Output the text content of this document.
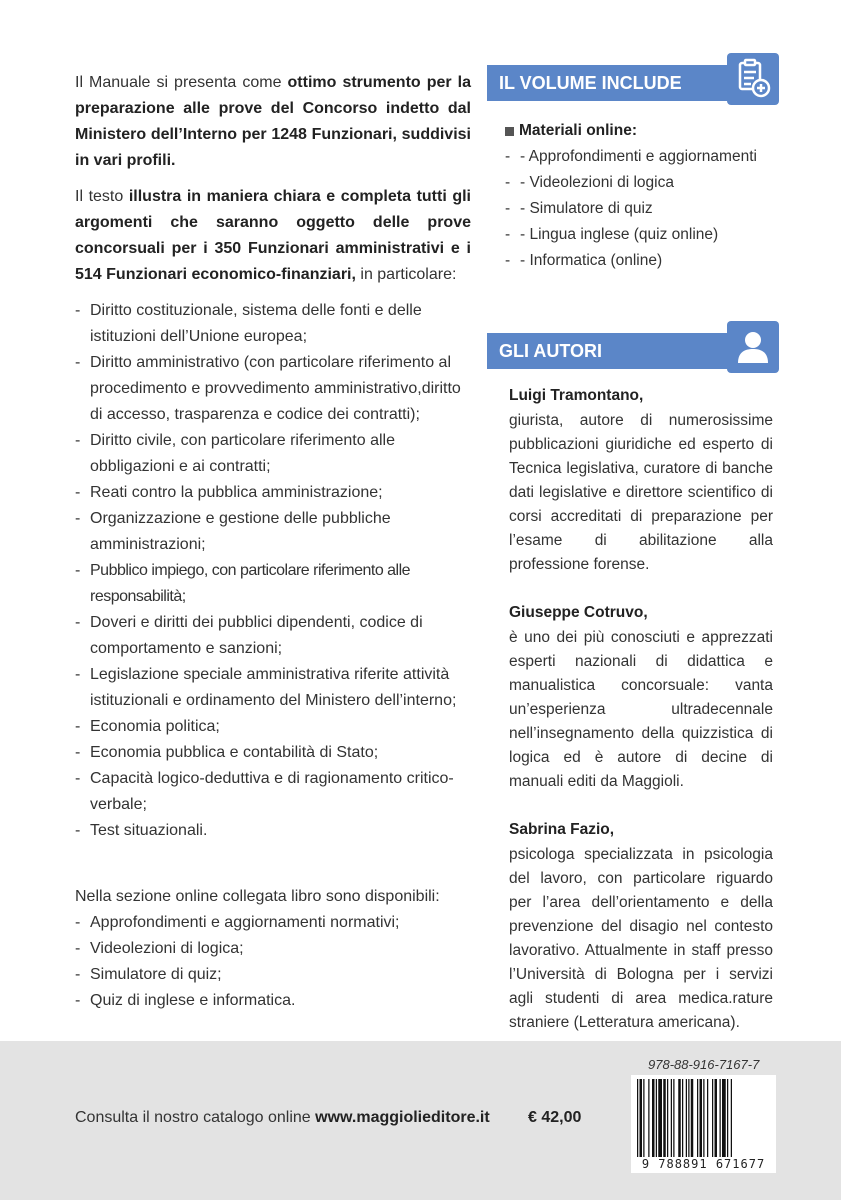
Il Manuale si presenta come ottimo strumento per la preparazione alle prove del Concorso indetto dal Ministero dell’Interno per 1248 Funzionari, suddivisi in vari profili.

Il testo illustra in maniera chiara e completa tutti gli argomenti che saranno oggetto delle prove concorsuali per i 350 Funzionari amministrativi e i 514 Funzionari economico-finanziari, in particolare:

- Diritto costituzionale, sistema delle fonti e delle istituzioni dell’Unione europea;
- Diritto amministrativo (con particolare riferimento al procedimento e provvedimento amministrativo,diritto di accesso, trasparenza e codice dei contratti);
- Diritto civile, con particolare riferimento alle obbligazioni e ai contratti;
- Reati contro la pubblica amministrazione;
- Organizzazione e gestione delle pubbliche amministrazioni;
- Pubblico impiego, con particolare riferimento alle responsabilità;
- Doveri e diritti dei pubblici dipendenti, codice di comportamento e sanzioni;
- Legislazione speciale amministrativa riferite attività istituzionali e ordinamento del Ministero dell’interno;
- Economia politica;
- Economia pubblica e contabilità di Stato;
- Capacità logico-deduttiva e di ragionamento critico-verbale;
- Test situazionali.
Nella sezione online collegata libro sono disponibili:
- Approfondimenti e aggiornamenti normativi;
- Videolezioni di logica;
- Simulatore di quiz;
- Quiz di inglese e informatica.
IL VOLUME INCLUDE
Materiali online:
- - Approfondimenti e aggiornamenti
- - Videolezioni di logica
- - Simulatore di quiz
- - Lingua inglese (quiz online)
- - Informatica (online)
GLI AUTORI
Luigi Tramontano,
giurista, autore di numerosissime pubblicazioni giuridiche ed esperto di Tecnica legislativa, curatore di banche dati legislative e direttore scientifico di corsi accreditati di preparazione per l’esame di abilitazione alla professione forense.
Giuseppe Cotruvo,
è uno dei più conosciuti e apprezzati esperti nazionali di didattica e manualistica concorsuale: vanta un’esperienza ultradecennale nell’insegnamento della quizzistica di logica ed è autore di decine di manuali editi da Maggioli.
Sabrina Fazio,
psicologa specializzata in psicologia del lavoro, con particolare riguardo per l’area dell’orientamento e della prevenzione del disagio nel contesto lavorativo. Attualmente in staff presso l’Università di Bologna per i servizi agli studenti di area medica.rature straniere (Letteratura americana).
Consulta il nostro catalogo online www.maggiolieditore.it € 42,00
978-88-916-7167-7
9 788891 671677
